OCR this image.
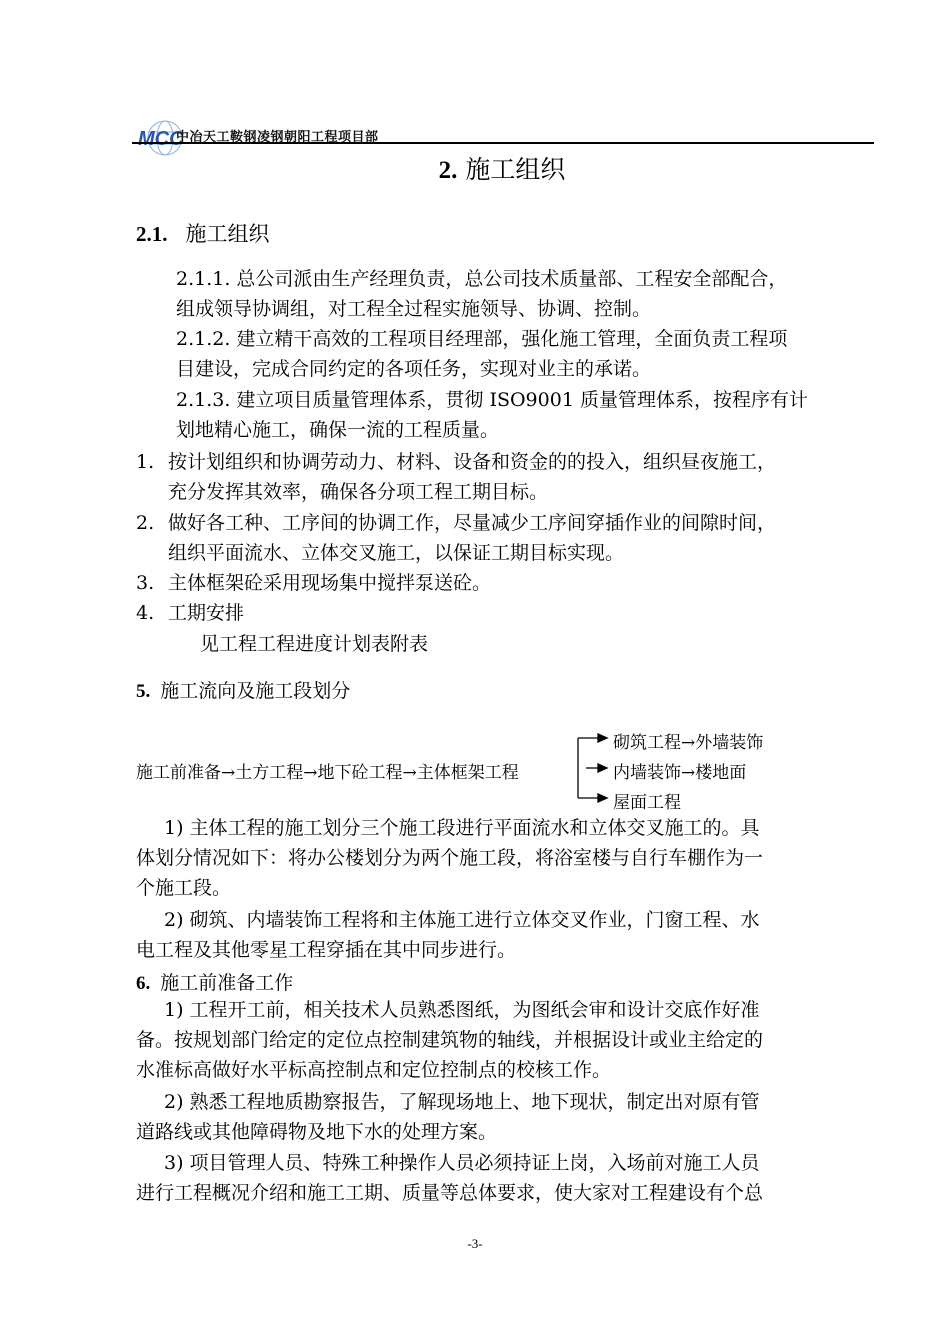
MCC
中冶天工鞍钢凌钢朝阳工程项目部
2. 施工组织
2.1. 施工组织
2.1.1. 总公司派由生产经理负责，总公司技术质量部、工程安全部配合，
组成领导协调组，对工程全过程实施领导、协调、控制。
2.1.2. 建立精干高效的工程项目经理部，强化施工管理，全面负责工程项
目建设，完成合同约定的各项任务，实现对业主的承诺。
2.1.3. 建立项目质量管理体系，贯彻 ISO9001 质量管理体系，按程序有计
划地精心施工，确保一流的工程质量。
1. 按计划组织和协调劳动力、材料、设备和资金的的投入，组织昼夜施工，
充分发挥其效率，确保各分项工程工期目标。
2. 做好各工种、工序间的协调工作，尽量减少工序间穿插作业的间隙时间，
组织平面流水、立体交叉施工，以保证工期目标实现。
3. 主体框架砼采用现场集中搅拌泵送砼。
4. 工期安排
见工程工程进度计划表附表
5. 施工流向及施工段划分
施工前准备→土方工程→地下砼工程→主体框架工程
砌筑工程→外墙装饰
内墙装饰→楼地面
屋面工程
1) 主体工程的施工划分三个施工段进行平面流水和立体交叉施工的。具
体划分情况如下：将办公楼划分为两个施工段，将浴室楼与自行车棚作为一
个施工段。
2) 砌筑、内墙装饰工程将和主体施工进行立体交叉作业，门窗工程、水
电工程及其他零星工程穿插在其中同步进行。
6. 施工前准备工作
1) 工程开工前，相关技术人员熟悉图纸，为图纸会审和设计交底作好准
备。按规划部门给定的定位点控制建筑物的轴线，并根据设计或业主给定的
水准标高做好水平标高控制点和定位控制点的校核工作。
2) 熟悉工程地质勘察报告，了解现场地上、地下现状，制定出对原有管
道路线或其他障碍物及地下水的处理方案。
3) 项目管理人员、特殊工种操作人员必须持证上岗，入场前对施工人员
进行工程概况介绍和施工工期、质量等总体要求，使大家对工程建设有个总
-3-
